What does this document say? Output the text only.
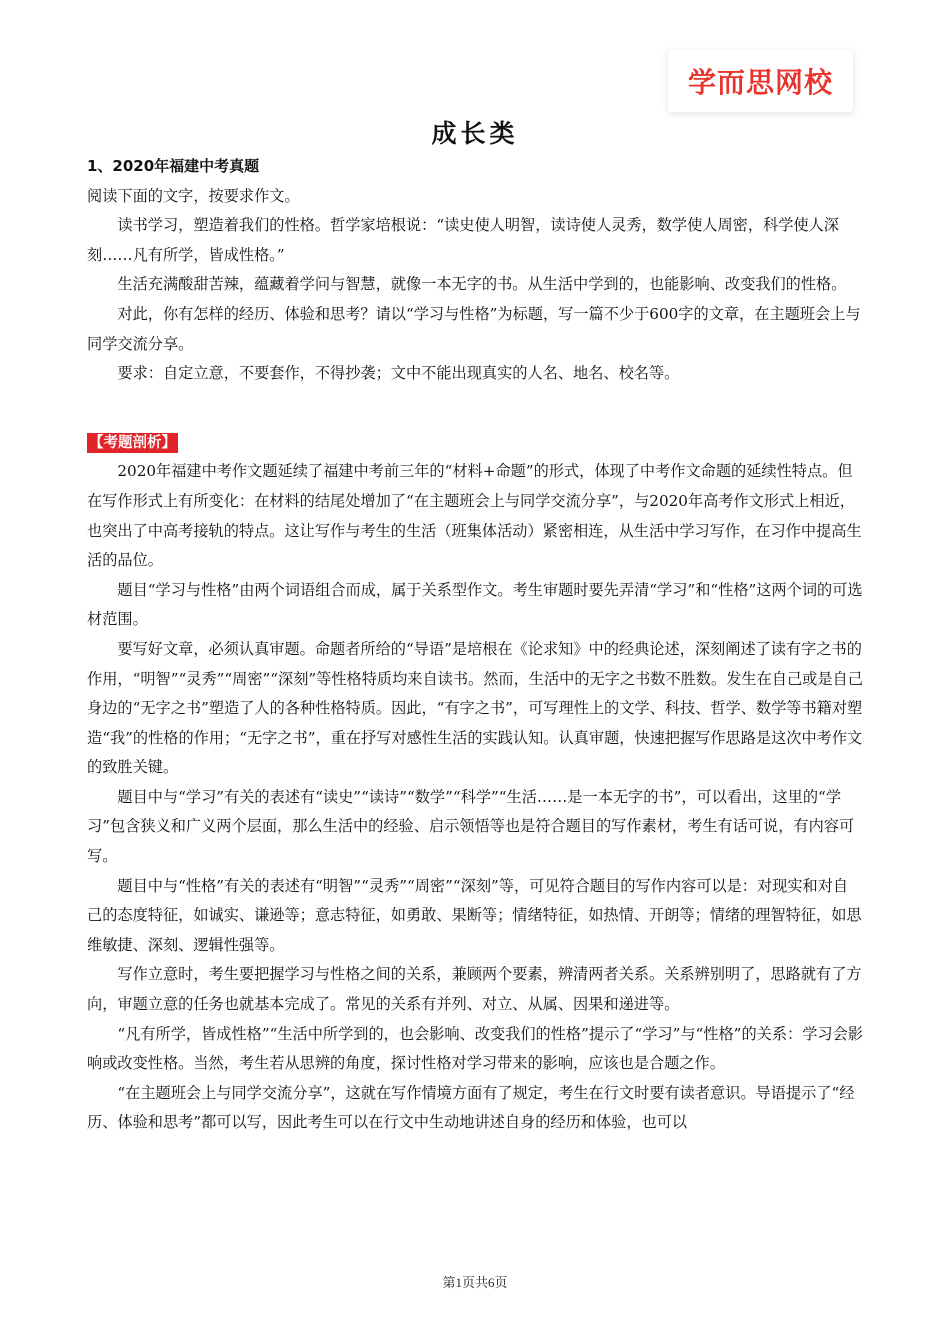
学而思网校
成长类

1、2020年福建中考真题

阅读下面的文字，按要求作文。

读书学习，塑造着我们的性格。哲学家培根说：“读史使人明智，读诗使人灵秀，数学使人周密，科学使人深刻……凡有所学，皆成性格。”

生活充满酸甜苦辣，蕴藏着学问与智慧，就像一本无字的书。从生活中学到的，也能影响、改变我们的性格。

对此，你有怎样的经历、体验和思考？请以“学习与性格”为标题，写一篇不少于600字的文章，在主题班会上与同学交流分享。

要求：自定立意，不要套作，不得抄袭；文中不能出现真实的人名、地名、校名等。

【考题剖析】

2020年福建中考作文题延续了福建中考前三年的“材料+命题”的形式，体现了中考作文命题的延续性特点。但在写作形式上有所变化：在材料的结尾处增加了“在主题班会上与同学交流分享”，与2020年高考作文形式上相近，也突出了中高考接轨的特点。这让写作与考生的生活（班集体活动）紧密相连，从生活中学习写作，在习作中提高生活的品位。

题目“学习与性格”由两个词语组合而成，属于关系型作文。考生审题时要先弄清“学习”和“性格”这两个词的可选材范围。

要写好文章，必须认真审题。命题者所给的“导语”是培根在《论求知》中的经典论述，深刻阐述了读有字之书的作用，“明智”“灵秀”“周密”“深刻”等性格特质均来自读书。然而，生活中的无字之书数不胜数。发生在自己或是自己身边的“无字之书”塑造了人的各种性格特质。因此，“有字之书”，可写理性上的文学、科技、哲学、数学等书籍对塑造“我”的性格的作用；“无字之书”，重在抒写对感性生活的实践认知。认真审题，快速把握写作思路是这次中考作文的致胜关键。

题目中与“学习”有关的表述有“读史”“读诗”“数学”“科学”“生活……是一本无字的书”，可以看出，这里的“学习”包含狭义和广义两个层面，那么生活中的经验、启示领悟等也是符合题目的写作素材，考生有话可说，有内容可写。

题目中与“性格”有关的表述有“明智”“灵秀”“周密”“深刻”等，可见符合题目的写作内容可以是：对现实和对自己的态度特征，如诚实、谦逊等；意志特征，如勇敢、果断等；情绪特征，如热情、开朗等；情绪的理智特征，如思维敏捷、深刻、逻辑性强等。

写作立意时，考生要把握学习与性格之间的关系，兼顾两个要素，辨清两者关系。关系辨别明了，思路就有了方向，审题立意的任务也就基本完成了。常见的关系有并列、对立、从属、因果和递进等。

“凡有所学，皆成性格”“生活中所学到的，也会影响、改变我们的性格”提示了“学习”与“性格”的关系：学习会影响或改变性格。当然，考生若从思辨的角度，探讨性格对学习带来的影响，应该也是合题之作。

“在主题班会上与同学交流分享”，这就在写作情境方面有了规定，考生在行文时要有读者意识。导语提示了“经历、体验和思考”都可以写，因此考生可以在行文中生动地讲述自身的经历和体验，也可以

第1页共6页
